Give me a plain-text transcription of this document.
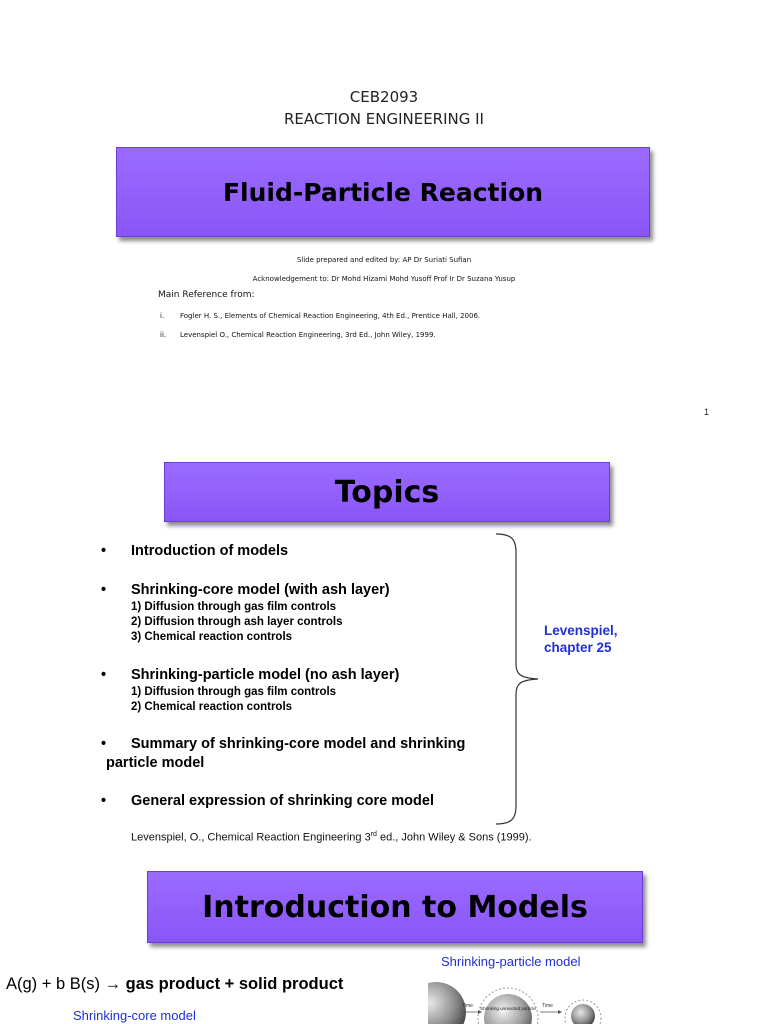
CEB2093
REACTION ENGINEERING II
Fluid-Particle Reaction
Slide prepared and edited by: AP Dr Suriati Sufian
Acknowledgement to: Dr Mohd Hizami Mohd Yusoff Prof Ir Dr Suzana Yusup
Main Reference from:
i. Fogler H. S., Elements of Chemical Reaction Engineering, 4th Ed., Prentice Hall, 2006.
ii. Levenspiel O., Chemical Reaction Engineering, 3rd Ed., John Wiley, 1999.
1
Topics
• Introduction of models
• Shrinking-core model (with ash layer)
1) Diffusion through gas film controls
2) Diffusion through ash layer controls
3) Chemical reaction controls
• Shrinking-particle model (no ash layer)
1) Diffusion through gas film controls
2) Chemical reaction controls
• Summary of shrinking-core model and shrinking
particle model
• General expression of shrinking core model
Levenspiel,
chapter 25
Levenspiel, O., Chemical Reaction Engineering 3rd ed., John Wiley & Sons (1999).
Introduction to Models
A(g) + b B(s) → gas product + solid product
Shrinking-particle model
Shrinking-core model
Time	Time
Shrinking unreacted particle
